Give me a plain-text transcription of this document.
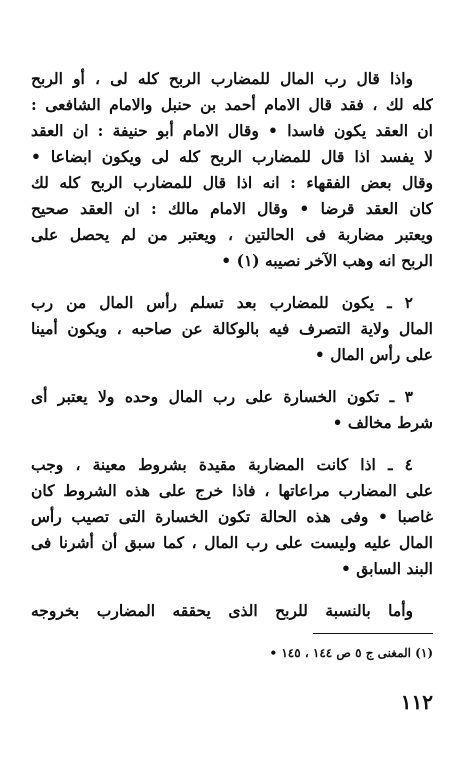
واذا قال رب المال للمضارب الربح كله لى ، أو الربح
كله لك ، فقد قال الامام أحمد بن حنبل والامام الشافعى :
ان العقد يكون فاسدا • وقال الامام أبو حنيفة : ان العقد
لا يفسد اذا قال للمضارب الربح كله لى ويكون ابضاعا •
وقال بعض الفقهاء : انه اذا قال للمضارب الربح كله لك
كان العقد قرضا • وقال الامام مالك : ان العقد صحيح
ويعتبر مضاربة فى الحالتين ، ويعتبر من لم يحصل على
الربح انه وهب الآخر نصيبه (١) •
٢ ـ يكون للمضارب بعد تسلم رأس المال من رب
المال ولاية التصرف فيه بالوكالة عن صاحبه ، ويكون أمينا
على رأس المال •
٣ ـ تكون الخسارة على رب المال وحده ولا يعتبر أى
شرط مخالف •
٤ ـ اذا كانت المضاربة مقيدة بشروط معينة ، وجب
على المضارب مراعاتها ، فاذا خرج على هذه الشروط كان
غاصبا • وفى هذه الحالة تكون الخسارة التى تصيب رأس
المال عليه وليست على رب المال ، كما سبق أن أشرنا فى
البند السابق •
وأما بالنسبة للربح الذى يحققه المضارب بخروجه
(١) المغنى ج ٥ ص ١٤٤ ، ١٤٥ •
١١٢
